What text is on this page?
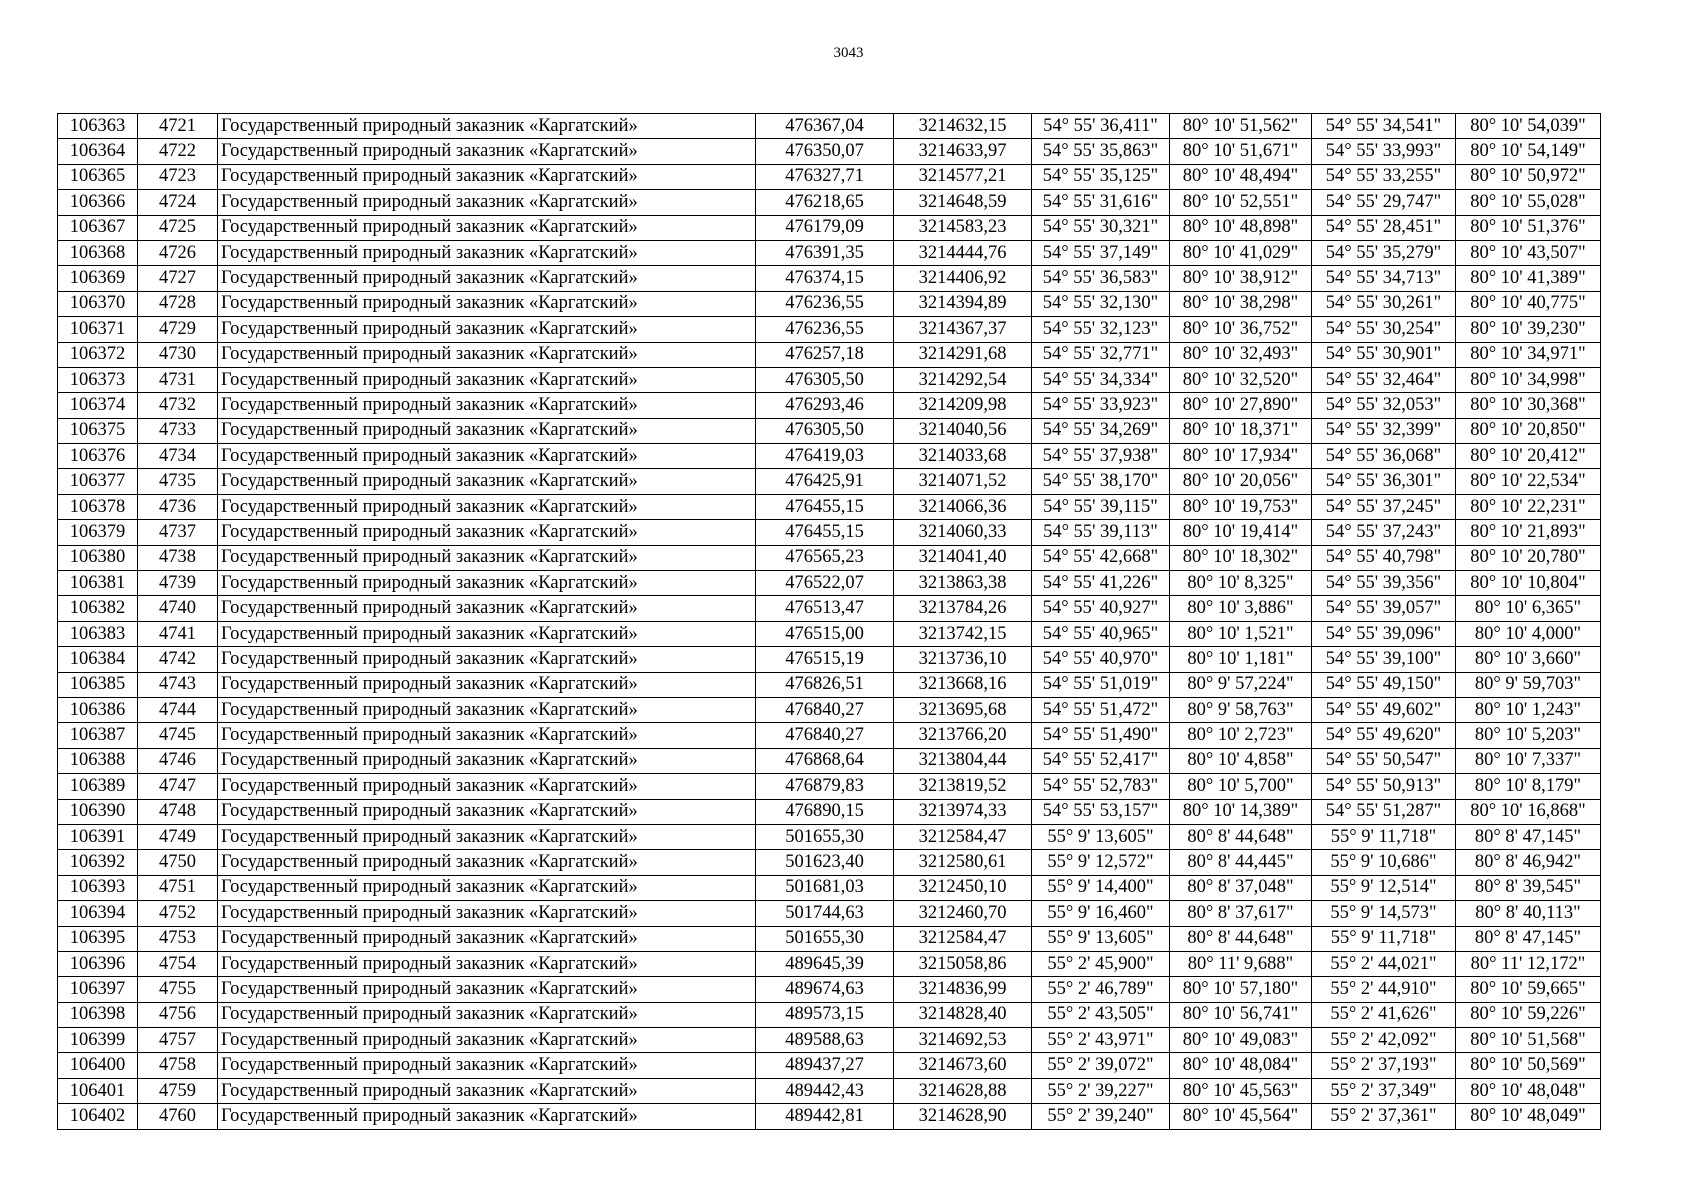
3043
106363	4721	Государственный природный заказник «Каргатский»	476367,04	3214632,15	54° 55' 36,411"	80° 10' 51,562"	54° 55' 34,541"	80° 10' 54,039"
106364	4722	Государственный природный заказник «Каргатский»	476350,07	3214633,97	54° 55' 35,863"	80° 10' 51,671"	54° 55' 33,993"	80° 10' 54,149"
106365	4723	Государственный природный заказник «Каргатский»	476327,71	3214577,21	54° 55' 35,125"	80° 10' 48,494"	54° 55' 33,255"	80° 10' 50,972"
106366	4724	Государственный природный заказник «Каргатский»	476218,65	3214648,59	54° 55' 31,616"	80° 10' 52,551"	54° 55' 29,747"	80° 10' 55,028"
106367	4725	Государственный природный заказник «Каргатский»	476179,09	3214583,23	54° 55' 30,321"	80° 10' 48,898"	54° 55' 28,451"	80° 10' 51,376"
106368	4726	Государственный природный заказник «Каргатский»	476391,35	3214444,76	54° 55' 37,149"	80° 10' 41,029"	54° 55' 35,279"	80° 10' 43,507"
106369	4727	Государственный природный заказник «Каргатский»	476374,15	3214406,92	54° 55' 36,583"	80° 10' 38,912"	54° 55' 34,713"	80° 10' 41,389"
106370	4728	Государственный природный заказник «Каргатский»	476236,55	3214394,89	54° 55' 32,130"	80° 10' 38,298"	54° 55' 30,261"	80° 10' 40,775"
106371	4729	Государственный природный заказник «Каргатский»	476236,55	3214367,37	54° 55' 32,123"	80° 10' 36,752"	54° 55' 30,254"	80° 10' 39,230"
106372	4730	Государственный природный заказник «Каргатский»	476257,18	3214291,68	54° 55' 32,771"	80° 10' 32,493"	54° 55' 30,901"	80° 10' 34,971"
106373	4731	Государственный природный заказник «Каргатский»	476305,50	3214292,54	54° 55' 34,334"	80° 10' 32,520"	54° 55' 32,464"	80° 10' 34,998"
106374	4732	Государственный природный заказник «Каргатский»	476293,46	3214209,98	54° 55' 33,923"	80° 10' 27,890"	54° 55' 32,053"	80° 10' 30,368"
106375	4733	Государственный природный заказник «Каргатский»	476305,50	3214040,56	54° 55' 34,269"	80° 10' 18,371"	54° 55' 32,399"	80° 10' 20,850"
106376	4734	Государственный природный заказник «Каргатский»	476419,03	3214033,68	54° 55' 37,938"	80° 10' 17,934"	54° 55' 36,068"	80° 10' 20,412"
106377	4735	Государственный природный заказник «Каргатский»	476425,91	3214071,52	54° 55' 38,170"	80° 10' 20,056"	54° 55' 36,301"	80° 10' 22,534"
106378	4736	Государственный природный заказник «Каргатский»	476455,15	3214066,36	54° 55' 39,115"	80° 10' 19,753"	54° 55' 37,245"	80° 10' 22,231"
106379	4737	Государственный природный заказник «Каргатский»	476455,15	3214060,33	54° 55' 39,113"	80° 10' 19,414"	54° 55' 37,243"	80° 10' 21,893"
106380	4738	Государственный природный заказник «Каргатский»	476565,23	3214041,40	54° 55' 42,668"	80° 10' 18,302"	54° 55' 40,798"	80° 10' 20,780"
106381	4739	Государственный природный заказник «Каргатский»	476522,07	3213863,38	54° 55' 41,226"	80° 10' 8,325"	54° 55' 39,356"	80° 10' 10,804"
106382	4740	Государственный природный заказник «Каргатский»	476513,47	3213784,26	54° 55' 40,927"	80° 10' 3,886"	54° 55' 39,057"	80° 10' 6,365"
106383	4741	Государственный природный заказник «Каргатский»	476515,00	3213742,15	54° 55' 40,965"	80° 10' 1,521"	54° 55' 39,096"	80° 10' 4,000"
106384	4742	Государственный природный заказник «Каргатский»	476515,19	3213736,10	54° 55' 40,970"	80° 10' 1,181"	54° 55' 39,100"	80° 10' 3,660"
106385	4743	Государственный природный заказник «Каргатский»	476826,51	3213668,16	54° 55' 51,019"	80° 9' 57,224"	54° 55' 49,150"	80° 9' 59,703"
106386	4744	Государственный природный заказник «Каргатский»	476840,27	3213695,68	54° 55' 51,472"	80° 9' 58,763"	54° 55' 49,602"	80° 10' 1,243"
106387	4745	Государственный природный заказник «Каргатский»	476840,27	3213766,20	54° 55' 51,490"	80° 10' 2,723"	54° 55' 49,620"	80° 10' 5,203"
106388	4746	Государственный природный заказник «Каргатский»	476868,64	3213804,44	54° 55' 52,417"	80° 10' 4,858"	54° 55' 50,547"	80° 10' 7,337"
106389	4747	Государственный природный заказник «Каргатский»	476879,83	3213819,52	54° 55' 52,783"	80° 10' 5,700"	54° 55' 50,913"	80° 10' 8,179"
106390	4748	Государственный природный заказник «Каргатский»	476890,15	3213974,33	54° 55' 53,157"	80° 10' 14,389"	54° 55' 51,287"	80° 10' 16,868"
106391	4749	Государственный природный заказник «Каргатский»	501655,30	3212584,47	55° 9' 13,605"	80° 8' 44,648"	55° 9' 11,718"	80° 8' 47,145"
106392	4750	Государственный природный заказник «Каргатский»	501623,40	3212580,61	55° 9' 12,572"	80° 8' 44,445"	55° 9' 10,686"	80° 8' 46,942"
106393	4751	Государственный природный заказник «Каргатский»	501681,03	3212450,10	55° 9' 14,400"	80° 8' 37,048"	55° 9' 12,514"	80° 8' 39,545"
106394	4752	Государственный природный заказник «Каргатский»	501744,63	3212460,70	55° 9' 16,460"	80° 8' 37,617"	55° 9' 14,573"	80° 8' 40,113"
106395	4753	Государственный природный заказник «Каргатский»	501655,30	3212584,47	55° 9' 13,605"	80° 8' 44,648"	55° 9' 11,718"	80° 8' 47,145"
106396	4754	Государственный природный заказник «Каргатский»	489645,39	3215058,86	55° 2' 45,900"	80° 11' 9,688"	55° 2' 44,021"	80° 11' 12,172"
106397	4755	Государственный природный заказник «Каргатский»	489674,63	3214836,99	55° 2' 46,789"	80° 10' 57,180"	55° 2' 44,910"	80° 10' 59,665"
106398	4756	Государственный природный заказник «Каргатский»	489573,15	3214828,40	55° 2' 43,505"	80° 10' 56,741"	55° 2' 41,626"	80° 10' 59,226"
106399	4757	Государственный природный заказник «Каргатский»	489588,63	3214692,53	55° 2' 43,971"	80° 10' 49,083"	55° 2' 42,092"	80° 10' 51,568"
106400	4758	Государственный природный заказник «Каргатский»	489437,27	3214673,60	55° 2' 39,072"	80° 10' 48,084"	55° 2' 37,193"	80° 10' 50,569"
106401	4759	Государственный природный заказник «Каргатский»	489442,43	3214628,88	55° 2' 39,227"	80° 10' 45,563"	55° 2' 37,349"	80° 10' 48,048"
106402	4760	Государственный природный заказник «Каргатский»	489442,81	3214628,90	55° 2' 39,240"	80° 10' 45,564"	55° 2' 37,361"	80° 10' 48,049"
